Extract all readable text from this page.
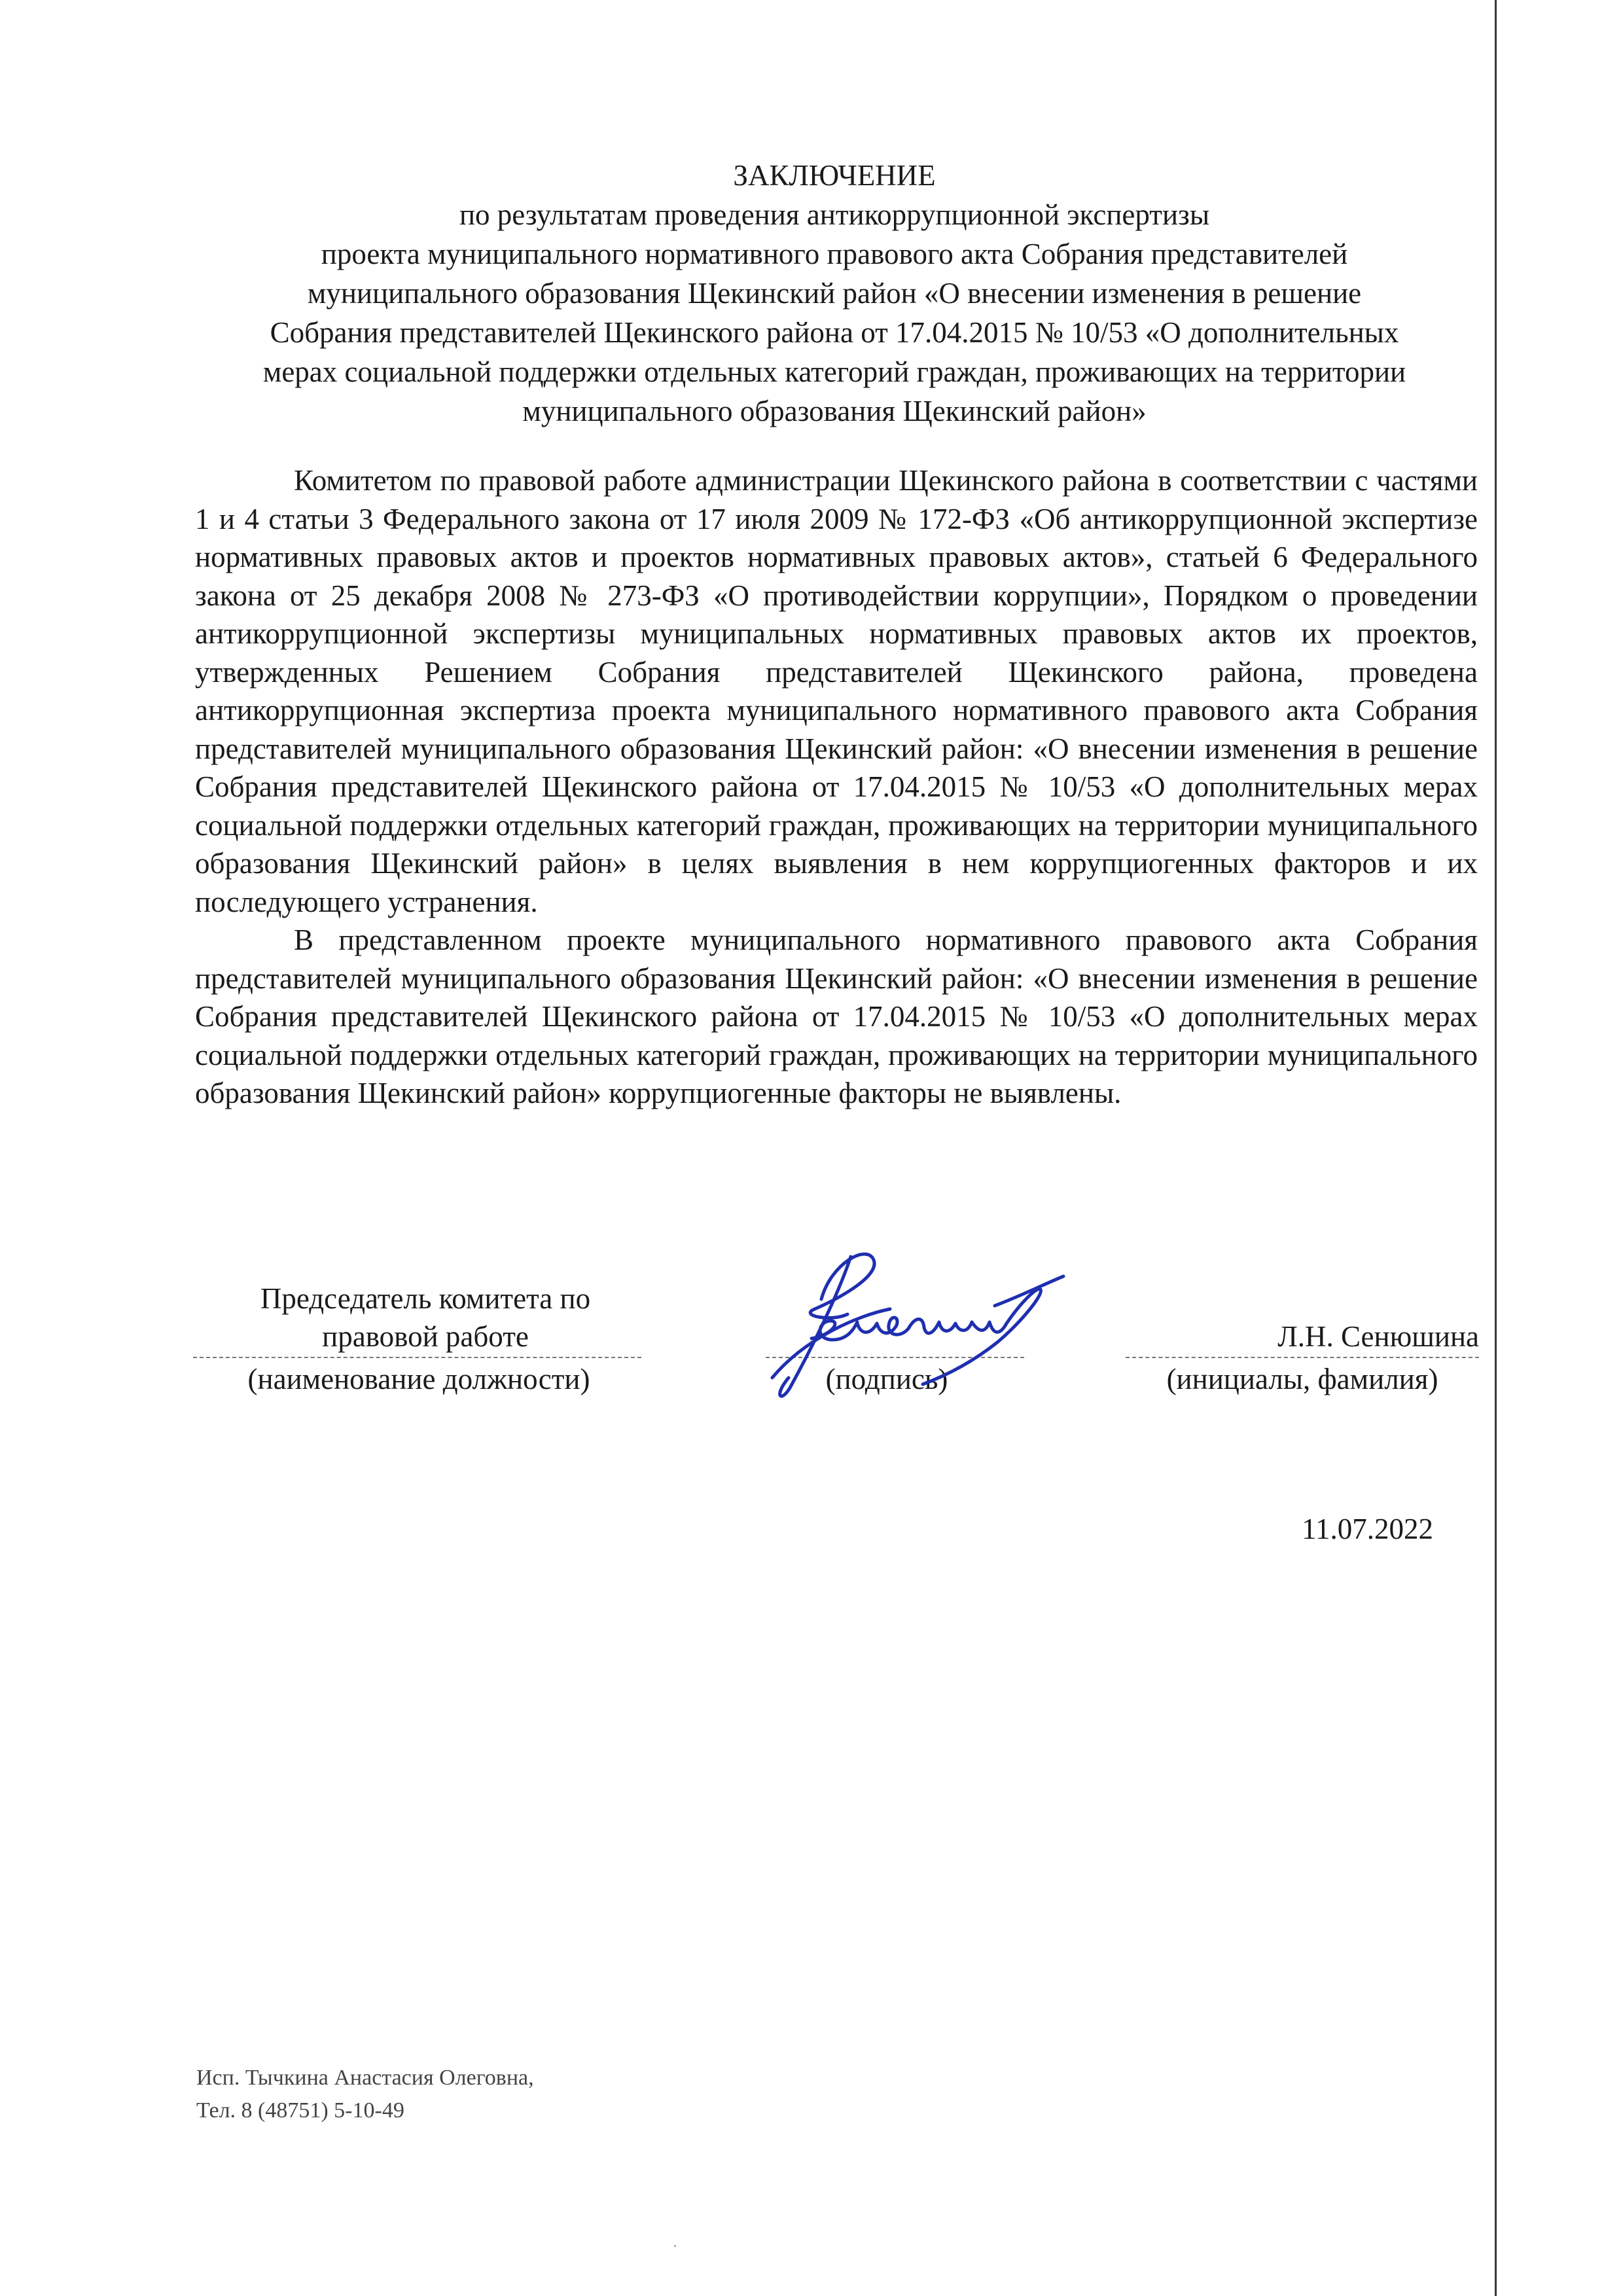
ЗАКЛЮЧЕНИЕ
по результатам проведения антикоррупционной экспертизы
проекта муниципального нормативного правового акта Собрания представителей
муниципального образования Щекинский район «О внесении изменения в решение
Собрания представителей Щекинского района от 17.04.2015 № 10/53 «О дополнительных
мерах социальной поддержки отдельных категорий граждан, проживающих на территории
муниципального образования Щекинский район»

Комитетом по правовой работе администрации Щекинского района в соответствии с частями 1 и 4 статьи 3 Федерального закона от 17 июля 2009 № 172-ФЗ «Об антикоррупционной экспертизе нормативных правовых актов и проектов нормативных правовых актов», статьей 6 Федерального закона от 25 декабря 2008 № 273-ФЗ «О противодействии коррупции», Порядком о проведении антикоррупционной экспертизы муниципальных нормативных правовых актов их проектов, утвержденных Решением Собрания представителей Щекинского района, проведена антикоррупционная экспертиза проекта муниципального нормативного правового акта Собрания представителей муниципального образования Щекинский район: «О внесении изменения в решение Собрания представителей Щекинского района от 17.04.2015 № 10/53 «О дополнительных мерах социальной поддержки отдельных категорий граждан, проживающих на территории муниципального образования Щекинский район» в целях выявления в нем коррупциогенных факторов и их последующего устранения.

В представленном проекте муниципального нормативного правового акта Собрания представителей муниципального образования Щекинский район: «О внесении изменения в решение Собрания представителей Щекинского района от 17.04.2015 № 10/53 «О дополнительных мерах социальной поддержки отдельных категорий граждан, проживающих на территории муниципального образования Щекинский район» коррупциогенные факторы не выявлены.

Председатель комитета по
правовой работе
(наименование должности)	(подпись)
Л.Н. Сенюшина
(инициалы, фамилия)
11.07.2022
Исп. Тычкина Анастасия Олеговна,
Тел. 8 (48751) 5-10-49
